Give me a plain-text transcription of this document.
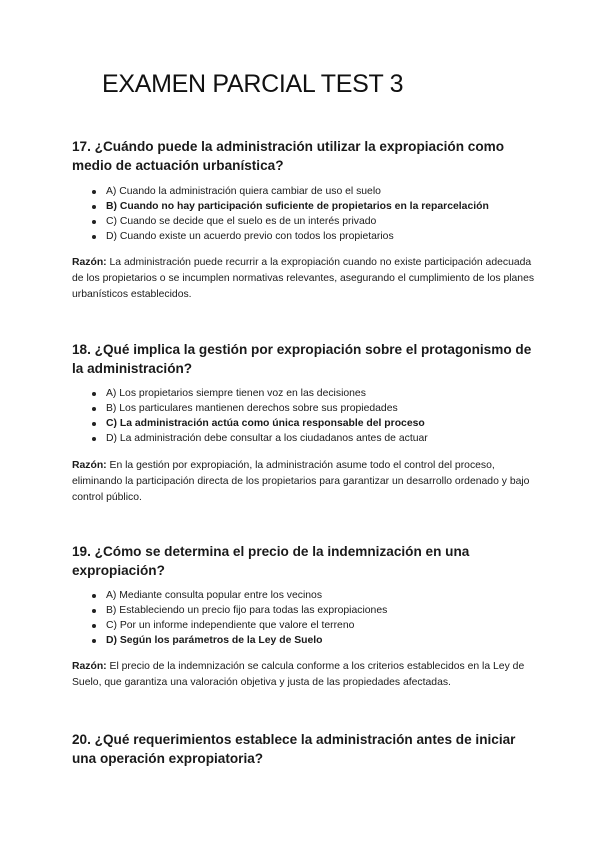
EXAMEN PARCIAL TEST 3
17. ¿Cuándo puede la administración utilizar la expropiación como medio de actuación urbanística?
A) Cuando la administración quiera cambiar de uso el suelo
B) Cuando no hay participación suficiente de propietarios en la reparcelación
C) Cuando se decide que el suelo es de un interés privado
D) Cuando existe un acuerdo previo con todos los propietarios
Razón: La administración puede recurrir a la expropiación cuando no existe participación adecuada de los propietarios o se incumplen normativas relevantes, asegurando el cumplimiento de los planes urbanísticos establecidos.
18. ¿Qué implica la gestión por expropiación sobre el protagonismo de la administración?
A) Los propietarios siempre tienen voz en las decisiones
B) Los particulares mantienen derechos sobre sus propiedades
C) La administración actúa como única responsable del proceso
D) La administración debe consultar a los ciudadanos antes de actuar
Razón: En la gestión por expropiación, la administración asume todo el control del proceso, eliminando la participación directa de los propietarios para garantizar un desarrollo ordenado y bajo control público.
19. ¿Cómo se determina el precio de la indemnización en una expropiación?
A) Mediante consulta popular entre los vecinos
B) Estableciendo un precio fijo para todas las expropiaciones
C) Por un informe independiente que valore el terreno
D) Según los parámetros de la Ley de Suelo
Razón: El precio de la indemnización se calcula conforme a los criterios establecidos en la Ley de Suelo, que garantiza una valoración objetiva y justa de las propiedades afectadas.
20. ¿Qué requerimientos establece la administración antes de iniciar una operación expropiatoria?
